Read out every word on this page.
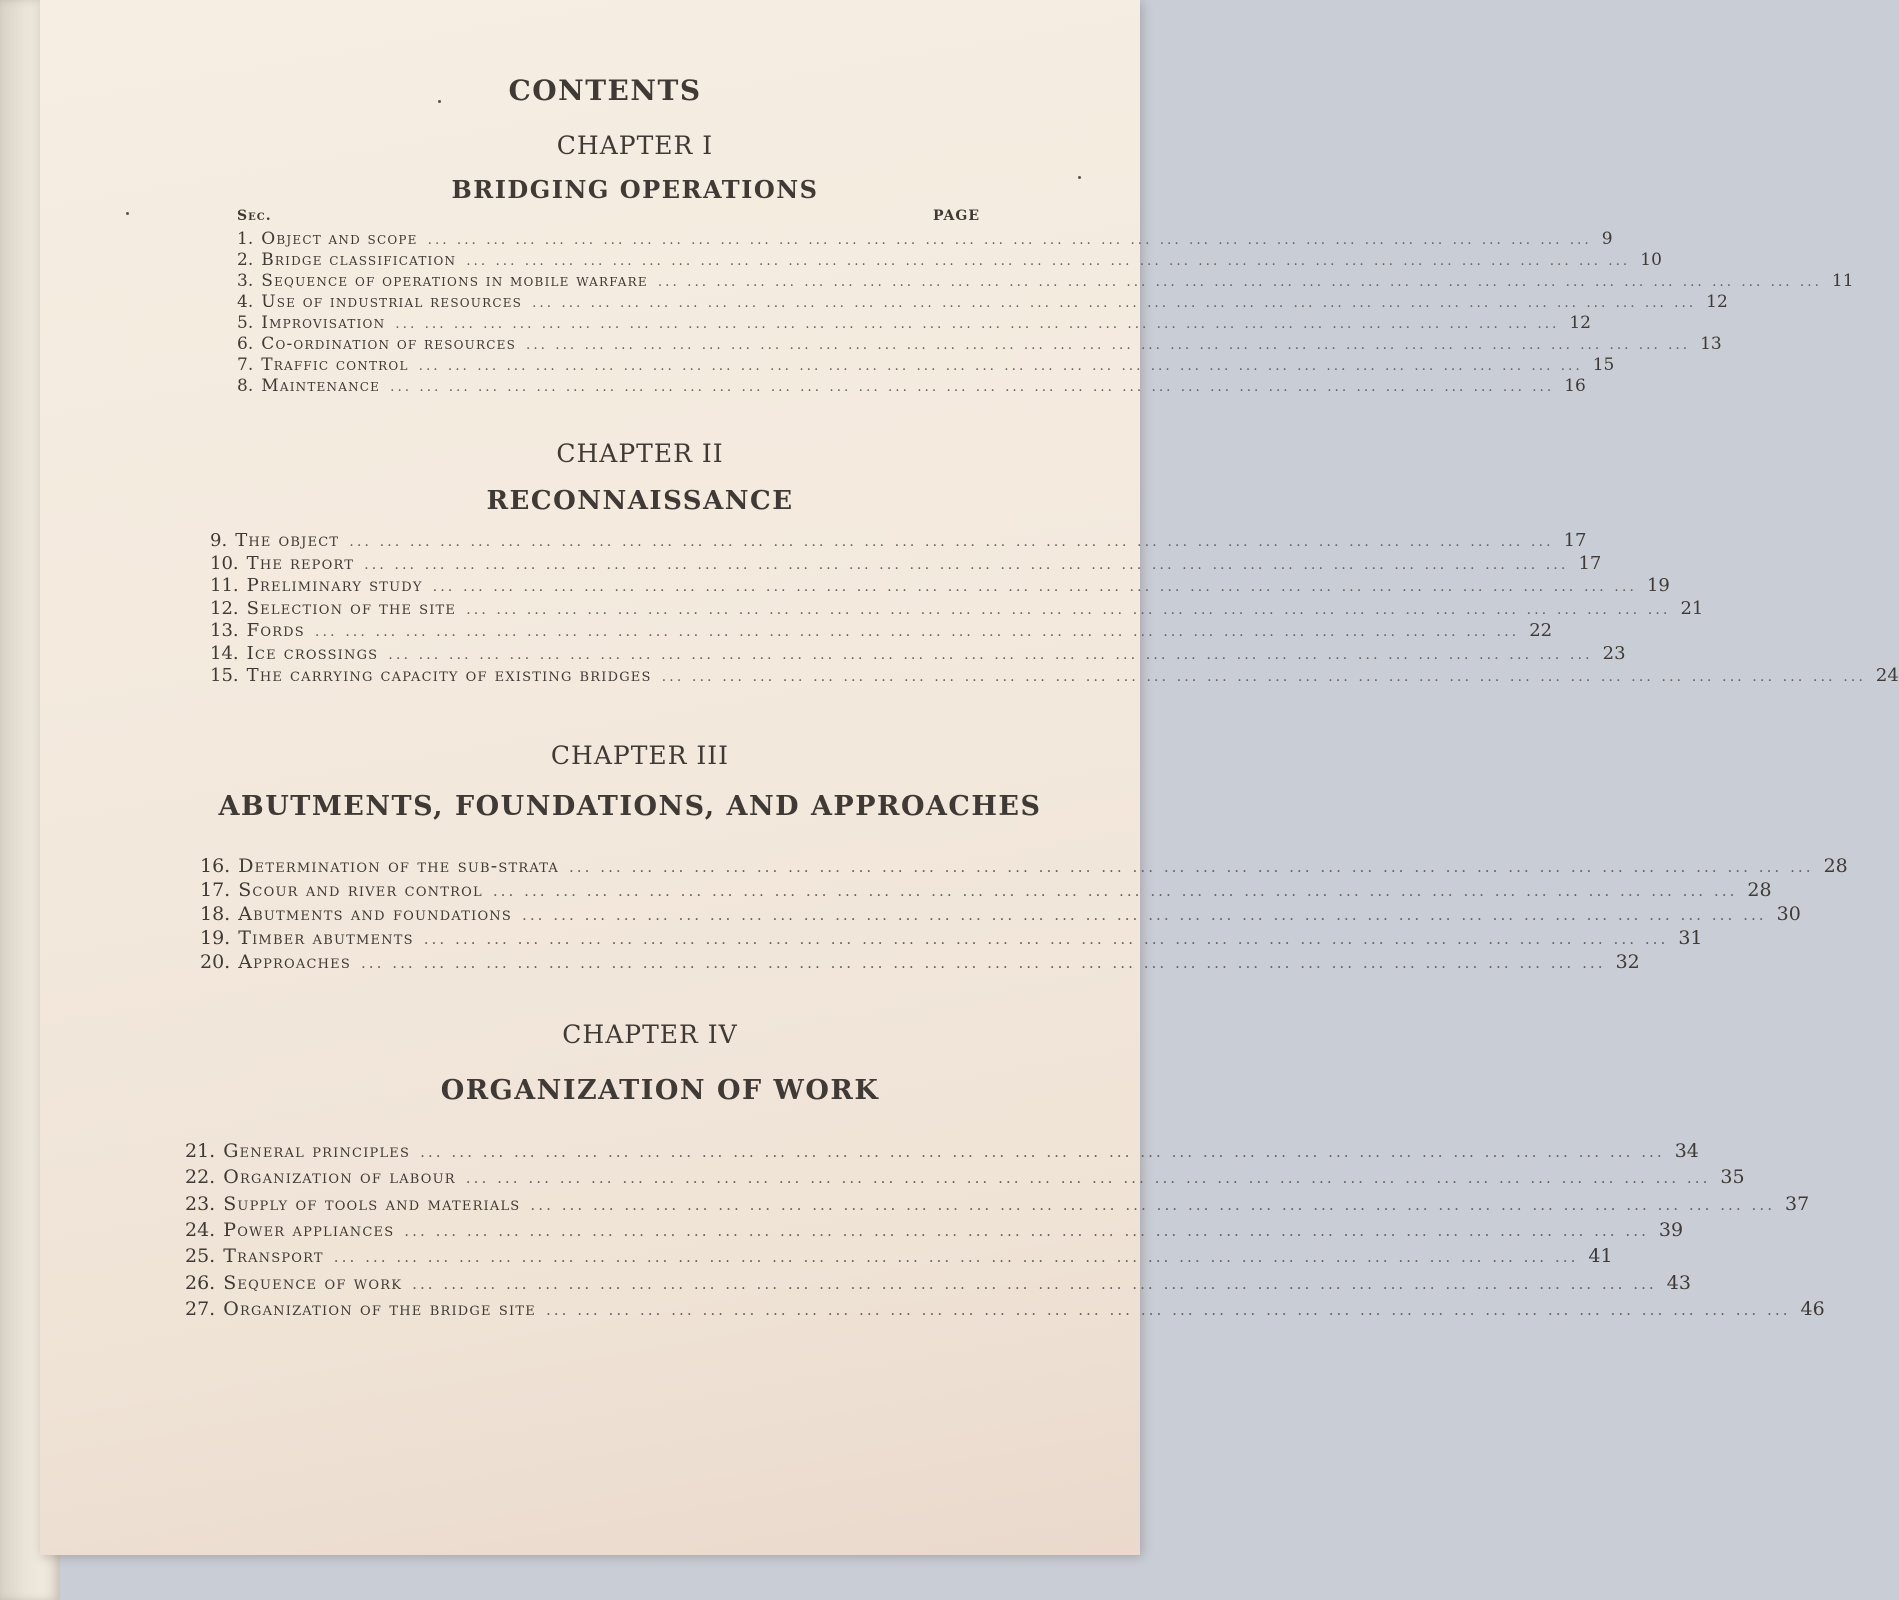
CONTENTS
CHAPTER I
BRIDGING OPERATIONS
Sec.	PAGE
1. Object and scope ... ... ... ... ... ... ... ... ... ... ... ... ... ... ... ... ... ... ... ... ... ... ... ... ... ... ... ... ... ... ... ... ... ... ... ... ... ... ... ... 9
2. Bridge classification ... ... ... ... ... ... ... ... ... ... ... ... ... ... ... ... ... ... ... ... ... ... ... ... ... ... ... ... ... ... ... ... ... ... ... ... ... ... ... ... 10
3. Sequence of operations in mobile warfare ... ... ... ... ... ... ... ... ... ... ... ... ... ... ... ... ... ... ... ... ... ... ... ... ... ... ... ... ... ... ... ... ... ... ... ... ... ... ... ... 11
4. Use of industrial resources ... ... ... ... ... ... ... ... ... ... ... ... ... ... ... ... ... ... ... ... ... ... ... ... ... ... ... ... ... ... ... ... ... ... ... ... ... ... ... ... 12
5. Improvisation ... ... ... ... ... ... ... ... ... ... ... ... ... ... ... ... ... ... ... ... ... ... ... ... ... ... ... ... ... ... ... ... ... ... ... ... ... ... ... ... 12
6. Co-ordination of resources ... ... ... ... ... ... ... ... ... ... ... ... ... ... ... ... ... ... ... ... ... ... ... ... ... ... ... ... ... ... ... ... ... ... ... ... ... ... ... ... 13
7. Traffic control ... ... ... ... ... ... ... ... ... ... ... ... ... ... ... ... ... ... ... ... ... ... ... ... ... ... ... ... ... ... ... ... ... ... ... ... ... ... ... ... 15
8. Maintenance ... ... ... ... ... ... ... ... ... ... ... ... ... ... ... ... ... ... ... ... ... ... ... ... ... ... ... ... ... ... ... ... ... ... ... ... ... ... ... ... 16
CHAPTER II
RECONNAISSANCE
9. The object ... ... ... ... ... ... ... ... ... ... ... ... ... ... ... ... ... ... ... ... ... ... ... ... ... ... ... ... ... ... ... ... ... ... ... ... ... ... ... ... 17
10. The report ... ... ... ... ... ... ... ... ... ... ... ... ... ... ... ... ... ... ... ... ... ... ... ... ... ... ... ... ... ... ... ... ... ... ... ... ... ... ... ... 17
11. Preliminary study ... ... ... ... ... ... ... ... ... ... ... ... ... ... ... ... ... ... ... ... ... ... ... ... ... ... ... ... ... ... ... ... ... ... ... ... ... ... ... ... 19
12. Selection of the site ... ... ... ... ... ... ... ... ... ... ... ... ... ... ... ... ... ... ... ... ... ... ... ... ... ... ... ... ... ... ... ... ... ... ... ... ... ... ... ... 21
13. Fords ... ... ... ... ... ... ... ... ... ... ... ... ... ... ... ... ... ... ... ... ... ... ... ... ... ... ... ... ... ... ... ... ... ... ... ... ... ... ... ... 22
14. Ice crossings ... ... ... ... ... ... ... ... ... ... ... ... ... ... ... ... ... ... ... ... ... ... ... ... ... ... ... ... ... ... ... ... ... ... ... ... ... ... ... ... 23
15. The carrying capacity of existing bridges ... ... ... ... ... ... ... ... ... ... ... ... ... ... ... ... ... ... ... ... ... ... ... ... ... ... ... ... ... ... ... ... ... ... ... ... ... ... ... ... 24
CHAPTER III
ABUTMENTS, FOUNDATIONS, AND APPROACHES
16. Determination of the sub-strata ... ... ... ... ... ... ... ... ... ... ... ... ... ... ... ... ... ... ... ... ... ... ... ... ... ... ... ... ... ... ... ... ... ... ... ... ... ... ... ... 28
17. Scour and river control ... ... ... ... ... ... ... ... ... ... ... ... ... ... ... ... ... ... ... ... ... ... ... ... ... ... ... ... ... ... ... ... ... ... ... ... ... ... ... ... 28
18. Abutments and foundations ... ... ... ... ... ... ... ... ... ... ... ... ... ... ... ... ... ... ... ... ... ... ... ... ... ... ... ... ... ... ... ... ... ... ... ... ... ... ... ... 30
19. Timber abutments ... ... ... ... ... ... ... ... ... ... ... ... ... ... ... ... ... ... ... ... ... ... ... ... ... ... ... ... ... ... ... ... ... ... ... ... ... ... ... ... 31
20. Approaches ... ... ... ... ... ... ... ... ... ... ... ... ... ... ... ... ... ... ... ... ... ... ... ... ... ... ... ... ... ... ... ... ... ... ... ... ... ... ... ... 32
CHAPTER IV
ORGANIZATION OF WORK
21. General principles ... ... ... ... ... ... ... ... ... ... ... ... ... ... ... ... ... ... ... ... ... ... ... ... ... ... ... ... ... ... ... ... ... ... ... ... ... ... ... ... 34
22. Organization of labour ... ... ... ... ... ... ... ... ... ... ... ... ... ... ... ... ... ... ... ... ... ... ... ... ... ... ... ... ... ... ... ... ... ... ... ... ... ... ... ... 35
23. Supply of tools and materials ... ... ... ... ... ... ... ... ... ... ... ... ... ... ... ... ... ... ... ... ... ... ... ... ... ... ... ... ... ... ... ... ... ... ... ... ... ... ... ... 37
24. Power appliances ... ... ... ... ... ... ... ... ... ... ... ... ... ... ... ... ... ... ... ... ... ... ... ... ... ... ... ... ... ... ... ... ... ... ... ... ... ... ... ... 39
25. Transport ... ... ... ... ... ... ... ... ... ... ... ... ... ... ... ... ... ... ... ... ... ... ... ... ... ... ... ... ... ... ... ... ... ... ... ... ... ... ... ... 41
26. Sequence of work ... ... ... ... ... ... ... ... ... ... ... ... ... ... ... ... ... ... ... ... ... ... ... ... ... ... ... ... ... ... ... ... ... ... ... ... ... ... ... ... 43
27. Organization of the bridge site ... ... ... ... ... ... ... ... ... ... ... ... ... ... ... ... ... ... ... ... ... ... ... ... ... ... ... ... ... ... ... ... ... ... ... ... ... ... ... ... 46
